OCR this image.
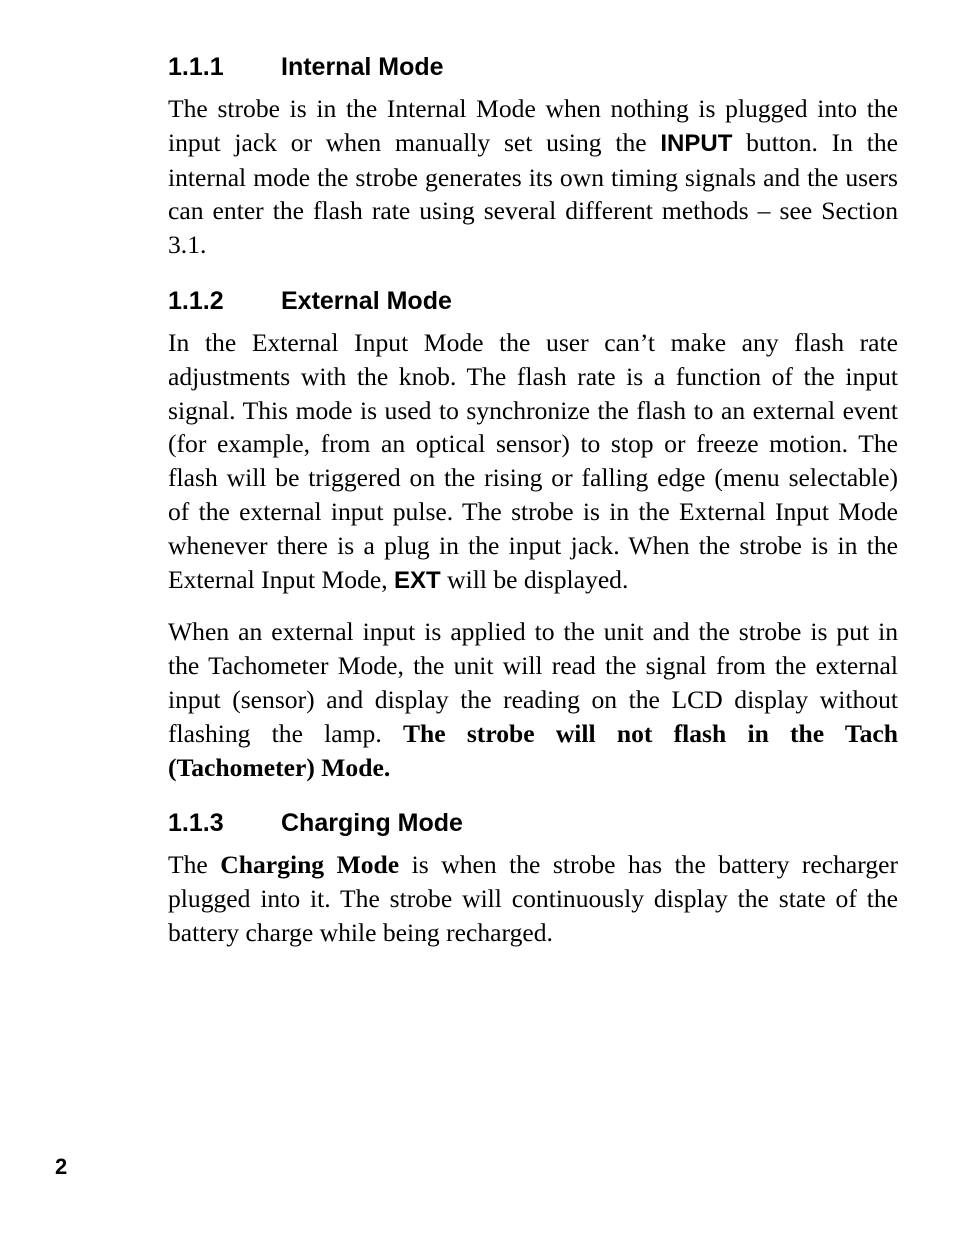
1.1.1	Internal Mode

The strobe is in the Internal Mode when nothing is plugged into the input jack or when manually set using the INPUT button. In the internal mode the strobe generates its own timing signals and the users can enter the flash rate using several different methods – see Section 3.1.

1.1.2	External Mode

In the External Input Mode the user can’t make any flash rate adjustments with the knob. The flash rate is a function of the input signal. This mode is used to synchronize the flash to an external event (for example, from an optical sensor) to stop or freeze motion. The flash will be triggered on the rising or falling edge (menu selectable) of the external input pulse. The strobe is in the External Input Mode whenever there is a plug in the input jack. When the strobe is in the External Input Mode, EXT will be displayed.

When an external input is applied to the unit and the strobe is put in the Tachometer Mode, the unit will read the signal from the external input (sensor) and display the reading on the LCD display without flashing the lamp. The strobe will not flash in the Tach (Tachometer) Mode.

1.1.3	Charging Mode

The Charging Mode is when the strobe has the battery recharger plugged into it. The strobe will continuously display the state of the battery charge while being recharged.

2
